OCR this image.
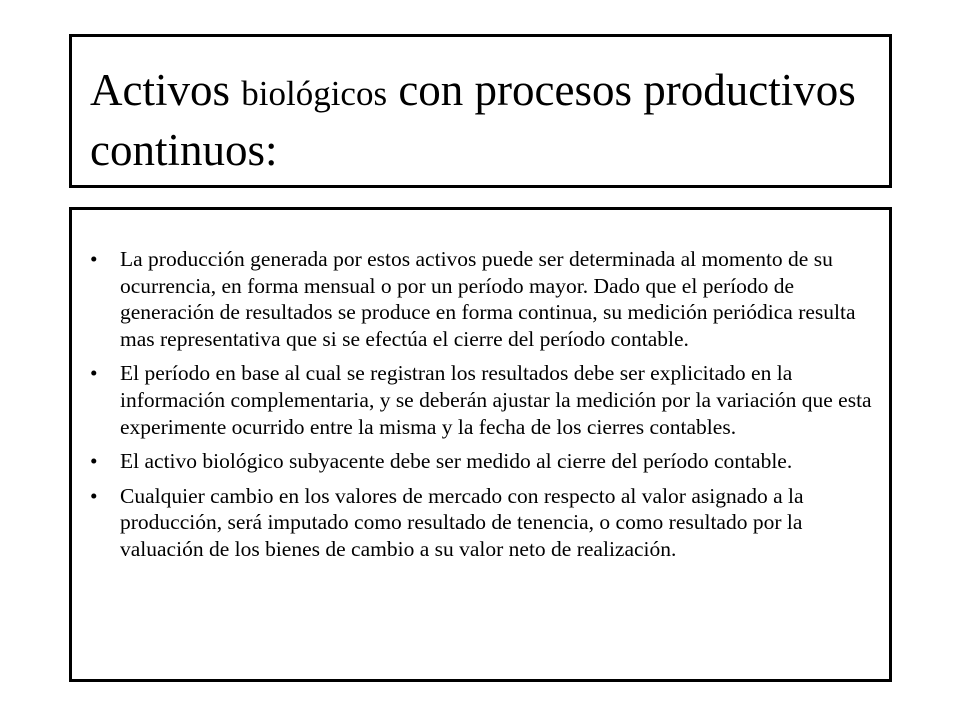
Activos biológicos con procesos productivos continuos:
• La producción generada por estos activos puede ser determinada al momento de su ocurrencia, en forma mensual o por un período mayor. Dado que el período de generación de resultados se produce en forma continua, su medición periódica resulta mas representativa que si se efectúa el cierre del período contable.
• El período en base al cual se registran los resultados debe ser explicitado en la información complementaria, y se deberán ajustar la medición por la variación que esta experimente ocurrido entre la misma y la fecha de los cierres contables.
• El activo biológico subyacente debe ser medido al cierre del período contable.
• Cualquier cambio en los valores de mercado con respecto al valor asignado a la producción, será imputado como resultado de tenencia, o como resultado por la valuación de los bienes de cambio a su valor neto de realización.
